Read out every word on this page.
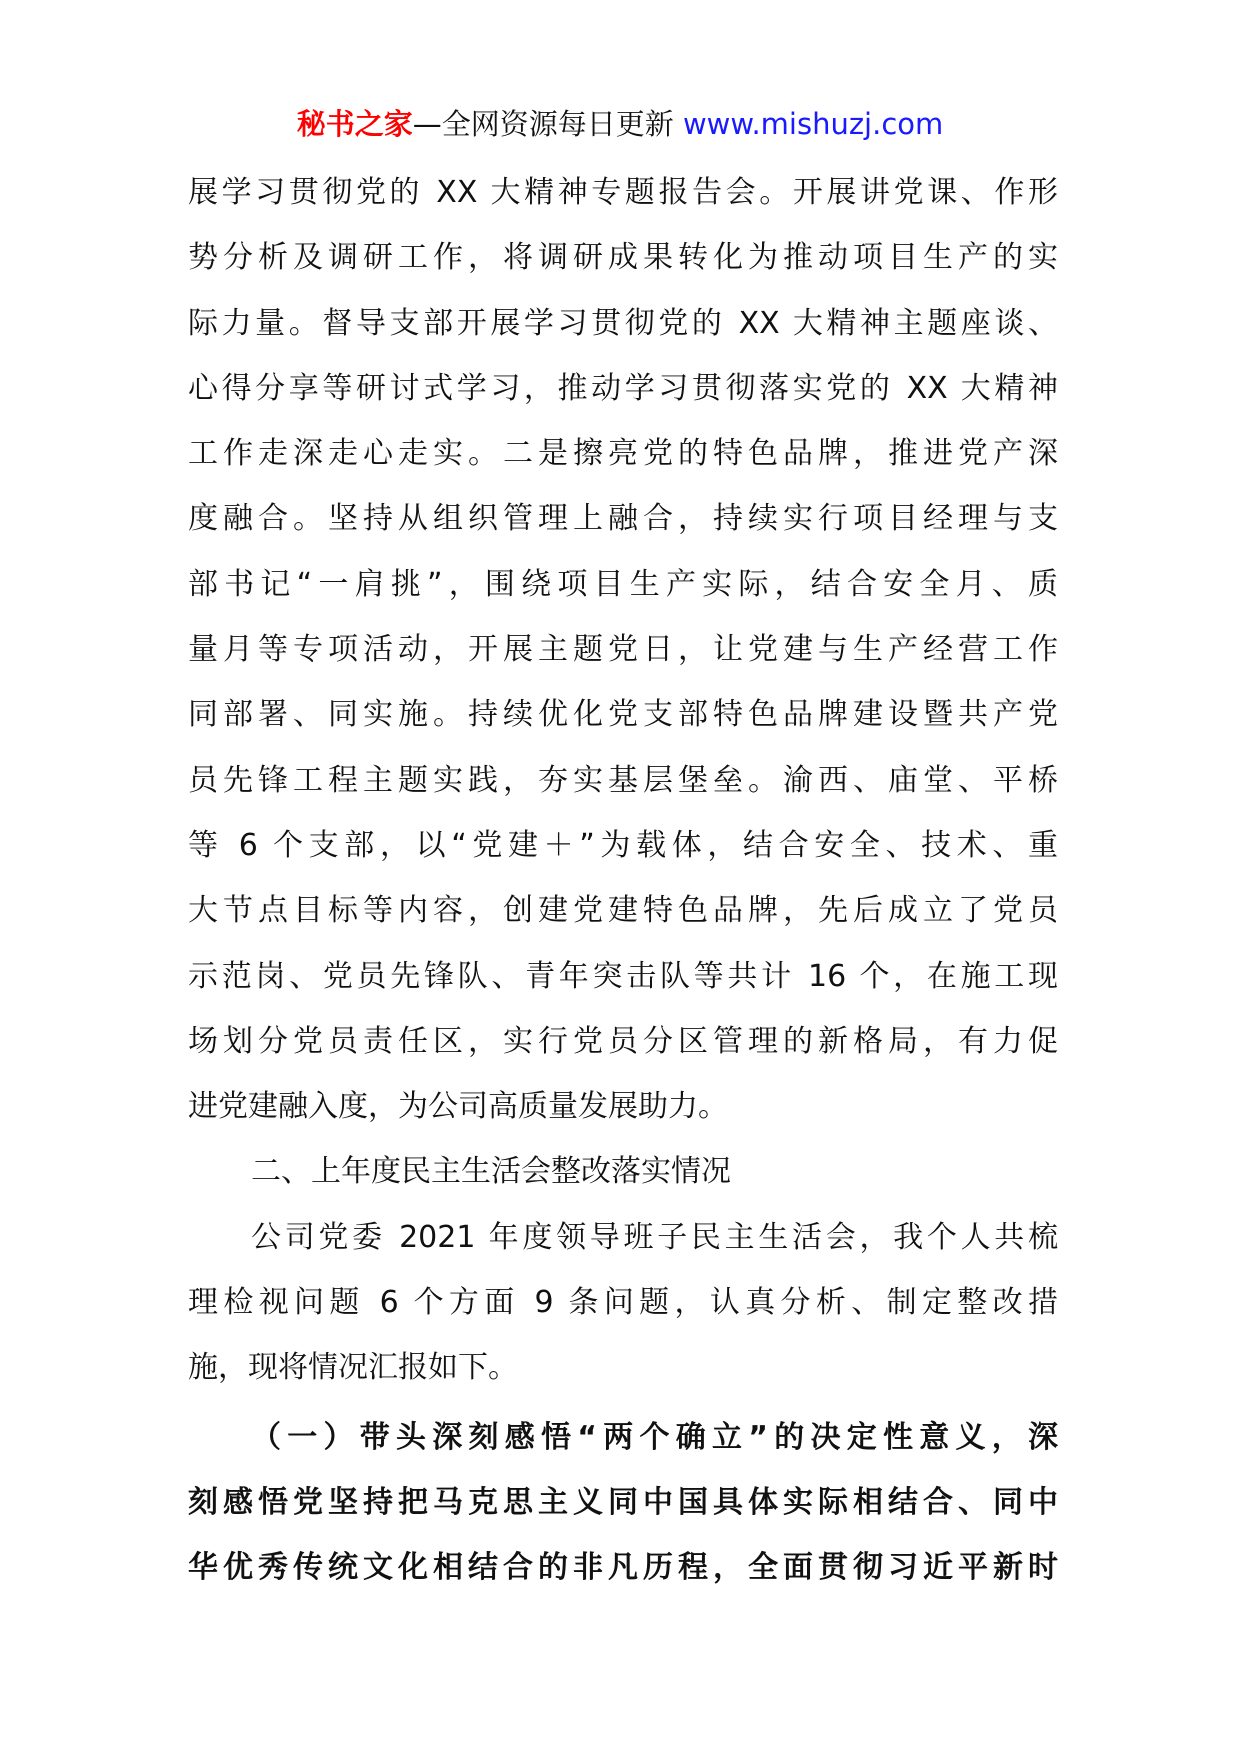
秘书之家—全网资源每日更新 www.mishuzj.com
展学习贯彻党的 XX 大精神专题报告会。开展讲党课、作形
势分析及调研工作，将调研成果转化为推动项目生产的实
际力量。督导支部开展学习贯彻党的 XX 大精神主题座谈、
心得分享等研讨式学习，推动学习贯彻落实党的 XX 大精神
工作走深走心走实。二是擦亮党的特色品牌，推进党产深
度融合。坚持从组织管理上融合，持续实行项目经理与支
部书记“一肩挑”，围绕项目生产实际，结合安全月、质
量月等专项活动，开展主题党日，让党建与生产经营工作
同部署、同实施。持续优化党支部特色品牌建设暨共产党
员先锋工程主题实践，夯实基层堡垒。渝西、庙堂、平桥
等 6 个支部，以“党建＋”为载体，结合安全、技术、重
大节点目标等内容，创建党建特色品牌，先后成立了党员
示范岗、党员先锋队、青年突击队等共计 16 个，在施工现
场划分党员责任区，实行党员分区管理的新格局，有力促
进党建融入度，为公司高质量发展助力。
二、上年度民主生活会整改落实情况
公司党委 2021 年度领导班子民主生活会，我个人共梳
理检视问题 6 个方面 9 条问题，认真分析、制定整改措
施，现将情况汇报如下。
（一）带头深刻感悟“两个确立”的决定性意义，深
刻感悟党坚持把马克思主义同中国具体实际相结合、同中
华优秀传统文化相结合的非凡历程，全面贯彻习近平新时
